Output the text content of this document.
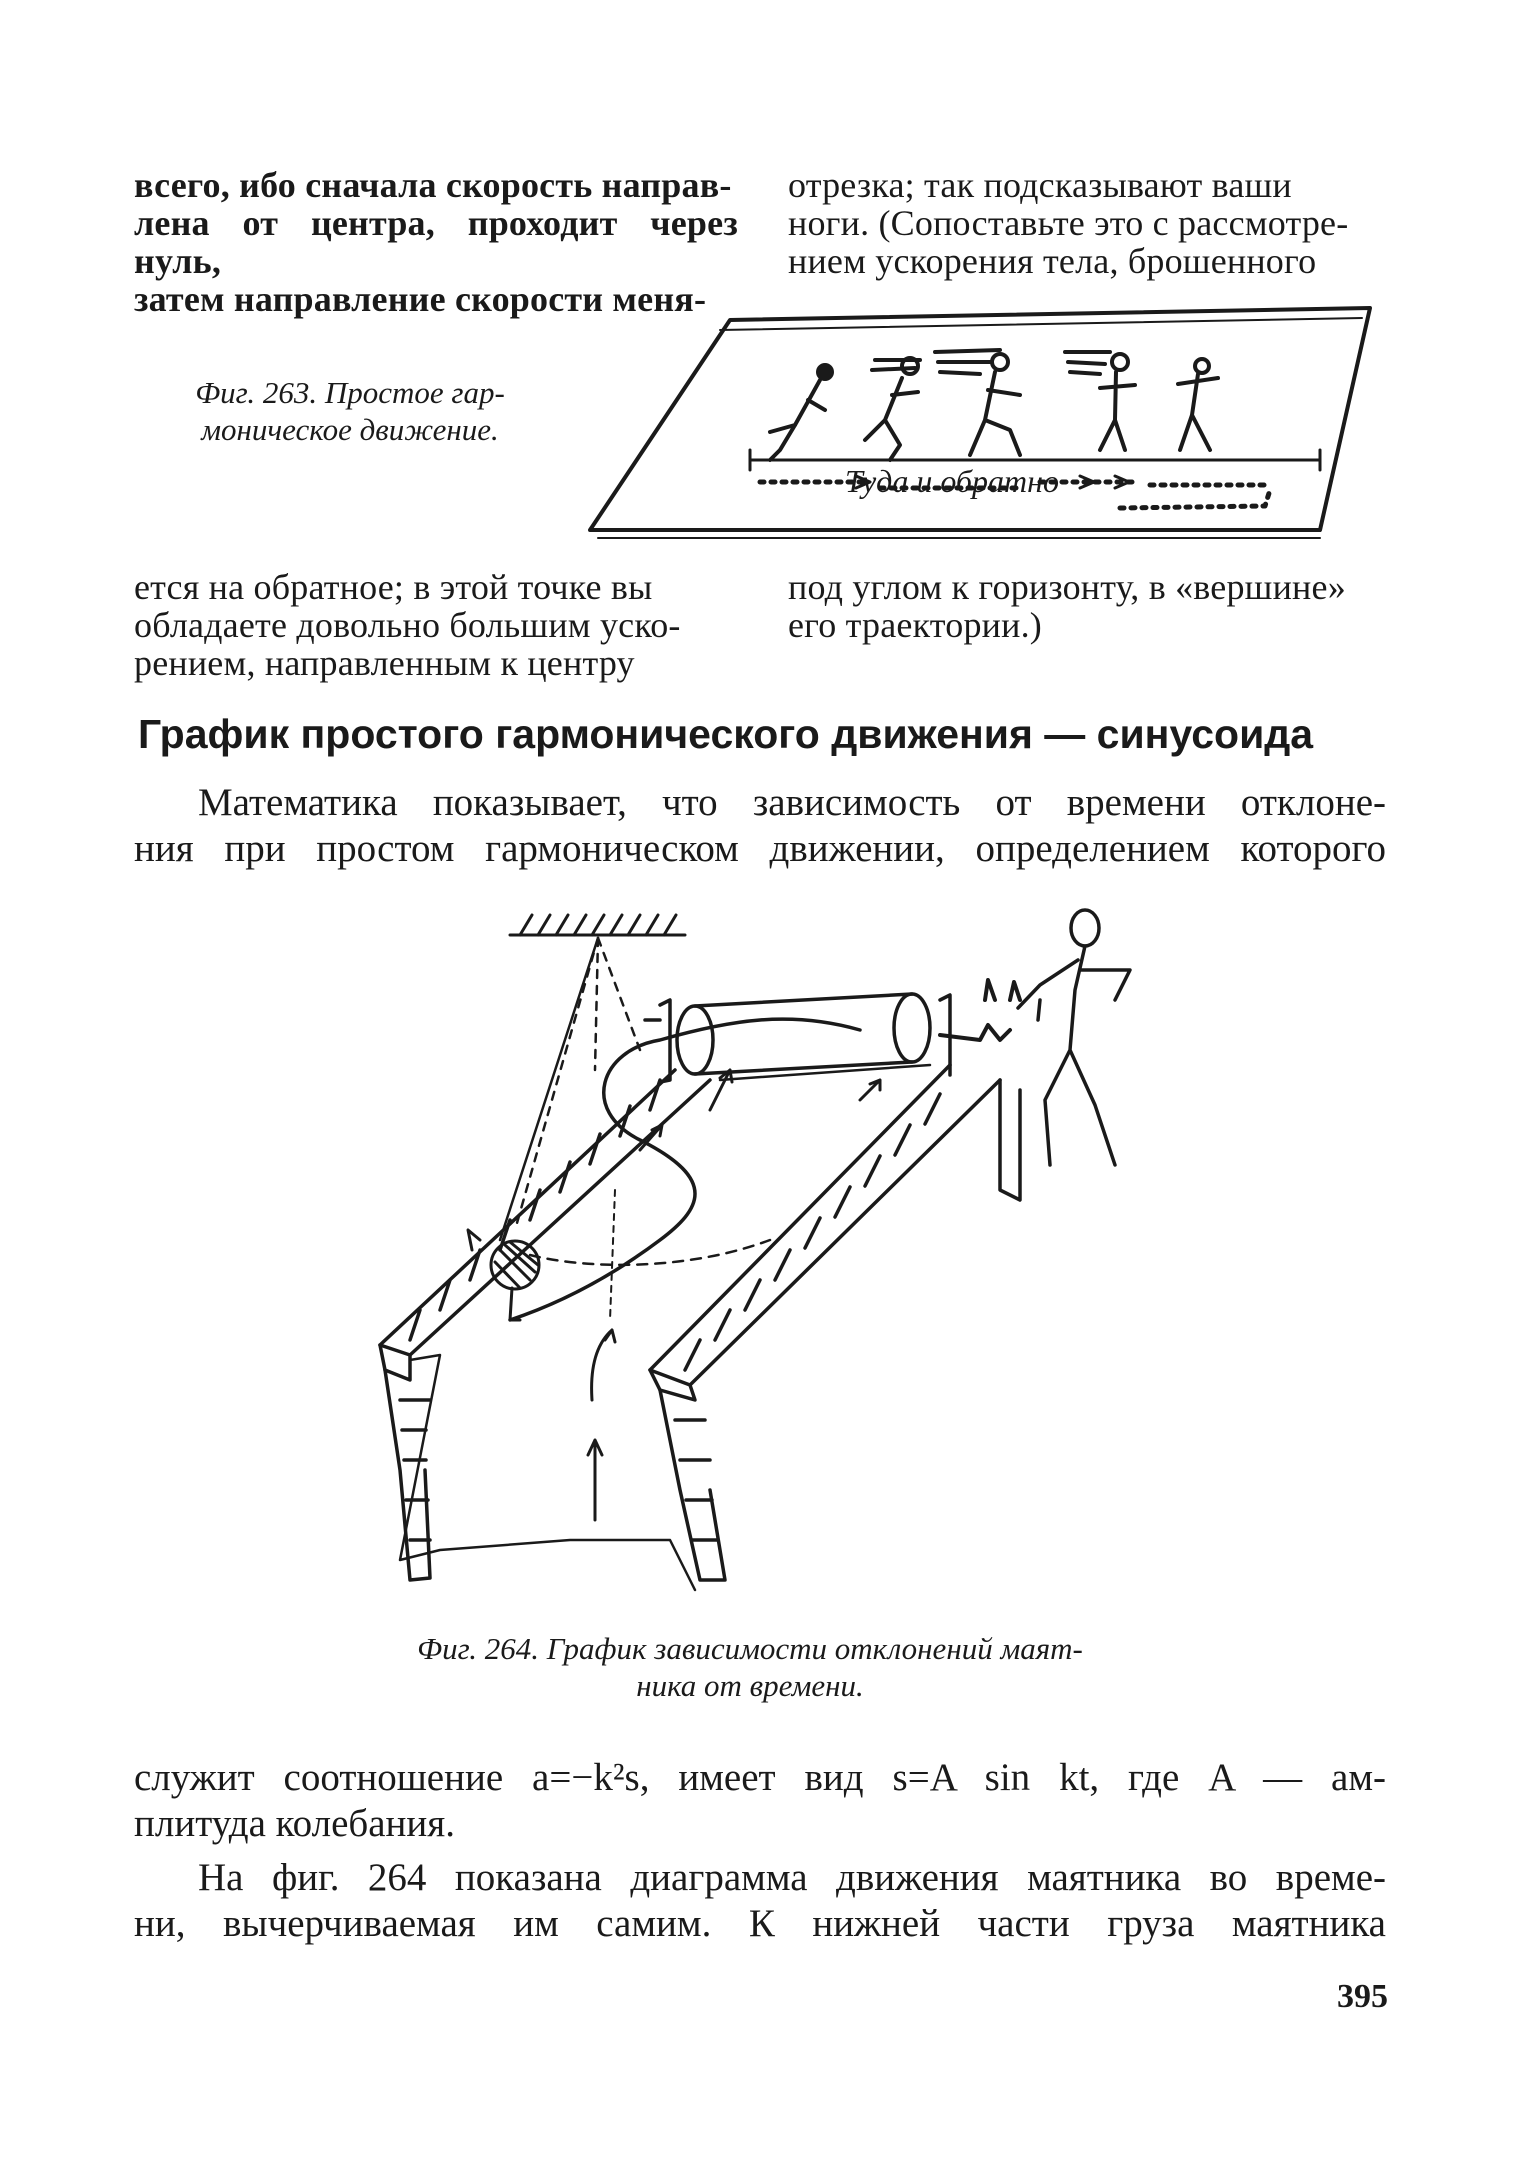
всего, ибо сначала скорость направ-
лена от центра, проходит через нуль,
затем направление скорости меня-
отрезка; так подсказывают ваши
ноги. (Сопоставьте это с рассмотре-
нием ускорения тела, брошенного
Фиг. 263. Простое гар-
моническое движение.
Туда и обратно
ется на обратное; в этой точке вы
обладаете довольно большим уско-
рением, направленным к центру
под углом к горизонту, в «вершине»
его траектории.)
График простого гармонического движения — синусоида
Математика показывает, что зависимость от времени отклоне-
ния при простом гармоническом движении, определением которого
Фиг. 264. График зависимости отклонений маят-
ника от времени.
служит соотношение a=−k²s, имеет вид s=A sin kt, где A — ам-
плитуда колебания.
На фиг. 264 показана диаграмма движения маятника во време-
ни, вычерчиваемая им самим. К нижней части груза маятника
395
